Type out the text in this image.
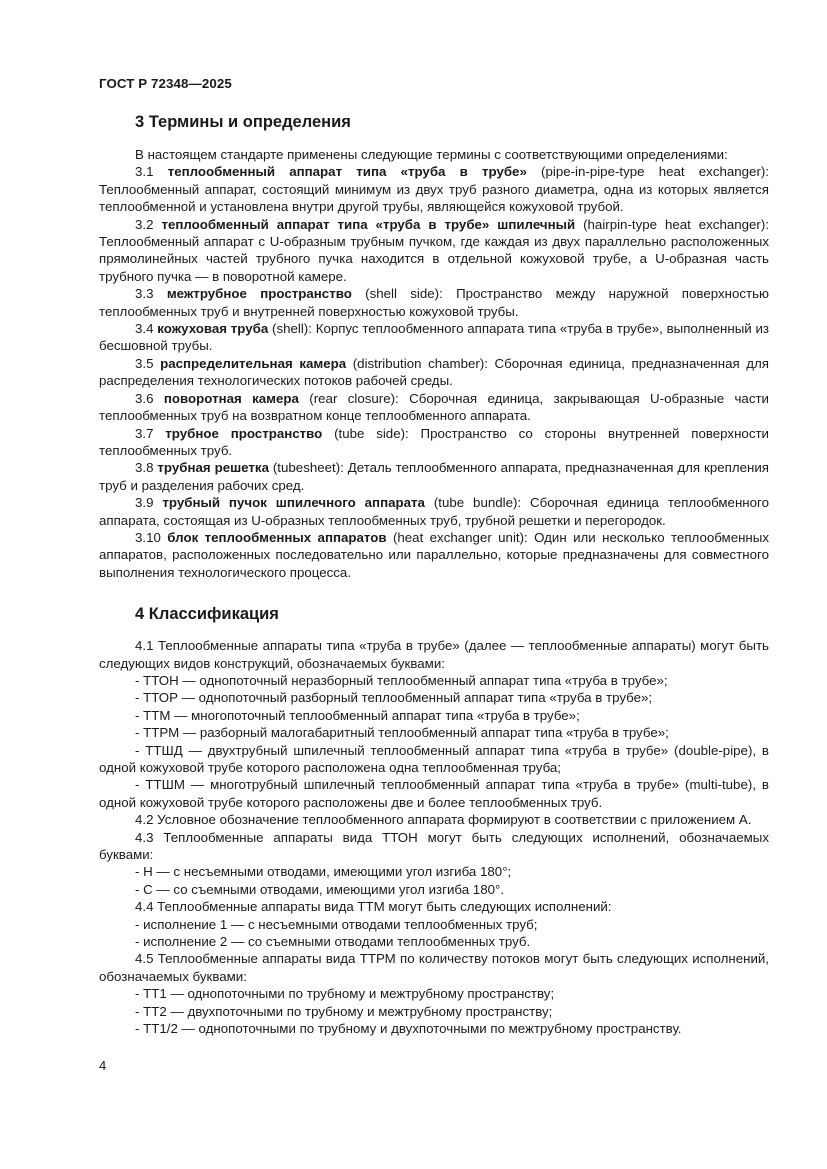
ГОСТ Р 72348—2025
3 Термины и определения

В настоящем стандарте применены следующие термины с соответствующими определениями:

3.1 теплообменный аппарат типа «труба в трубе» (pipe-in-pipe-type heat exchanger): Теплообменный аппарат, состоящий минимум из двух труб разного диаметра, одна из которых является теплообменной и установлена внутри другой трубы, являющейся кожуховой трубой.

3.2 теплообменный аппарат типа «труба в трубе» шпилечный (hairpin-type heat exchanger): Теплообменный аппарат с U-образным трубным пучком, где каждая из двух параллельно расположенных прямолинейных частей трубного пучка находится в отдельной кожуховой трубе, а U-образная часть трубного пучка — в поворотной камере.

3.3 межтрубное пространство (shell side): Пространство между наружной поверхностью теплообменных труб и внутренней поверхностью кожуховой трубы.

3.4 кожуховая труба (shell): Корпус теплообменного аппарата типа «труба в трубе», выполненный из бесшовной трубы.

3.5 распределительная камера (distribution chamber): Сборочная единица, предназначенная для распределения технологических потоков рабочей среды.

3.6 поворотная камера (rear closure): Сборочная единица, закрывающая U-образные части теплообменных труб на возвратном конце теплообменного аппарата.

3.7 трубное пространство (tube side): Пространство со стороны внутренней поверхности теплообменных труб.

3.8 трубная решетка (tubesheet): Деталь теплообменного аппарата, предназначенная для крепления труб и разделения рабочих сред.

3.9 трубный пучок шпилечного аппарата (tube bundle): Сборочная единица теплообменного аппарата, состоящая из U-образных теплообменных труб, трубной решетки и перегородок.

3.10 блок теплообменных аппаратов (heat exchanger unit): Один или несколько теплообменных аппаратов, расположенных последовательно или параллельно, которые предназначены для совместного выполнения технологического процесса.

4 Классификация

4.1 Теплообменные аппараты типа «труба в трубе» (далее — теплообменные аппараты) могут быть следующих видов конструкций, обозначаемых буквами:

- ТТОН — однопоточный неразборный теплообменный аппарат типа «труба в трубе»;
- ТТОР — однопоточный разборный теплообменный аппарат типа «труба в трубе»;
- ТТМ — многопоточный теплообменный аппарат типа «труба в трубе»;
- ТТРМ — разборный малогабаритный теплообменный аппарат типа «труба в трубе»;
- ТТШД — двухтрубный шпилечный теплообменный аппарат типа «труба в трубе» (double-pipe), в одной кожуховой трубе которого расположена одна теплообменная труба;
- ТТШМ — многотрубный шпилечный теплообменный аппарат типа «труба в трубе» (multi-tube), в одной кожуховой трубе которого расположены две и более теплообменных труб.

4.2 Условное обозначение теплообменного аппарата формируют в соответствии с приложением А.

4.3 Теплообменные аппараты вида ТТОН могут быть следующих исполнений, обозначаемых буквами:

- Н — с несъемными отводами, имеющими угол изгиба 180°;
- С — со съемными отводами, имеющими угол изгиба 180°.

4.4 Теплообменные аппараты вида ТТМ могут быть следующих исполнений:

- исполнение 1 — с несъемными отводами теплообменных труб;
- исполнение 2 — со съемными отводами теплообменных труб.

4.5 Теплообменные аппараты вида ТТРМ по количеству потоков могут быть следующих исполнений, обозначаемых буквами:

- ТТ1 — однопоточными по трубному и межтрубному пространству;
- ТТ2 — двухпоточными по трубному и межтрубному пространству;
- ТТ1/2 — однопоточными по трубному и двухпоточными по межтрубному пространству.
4
